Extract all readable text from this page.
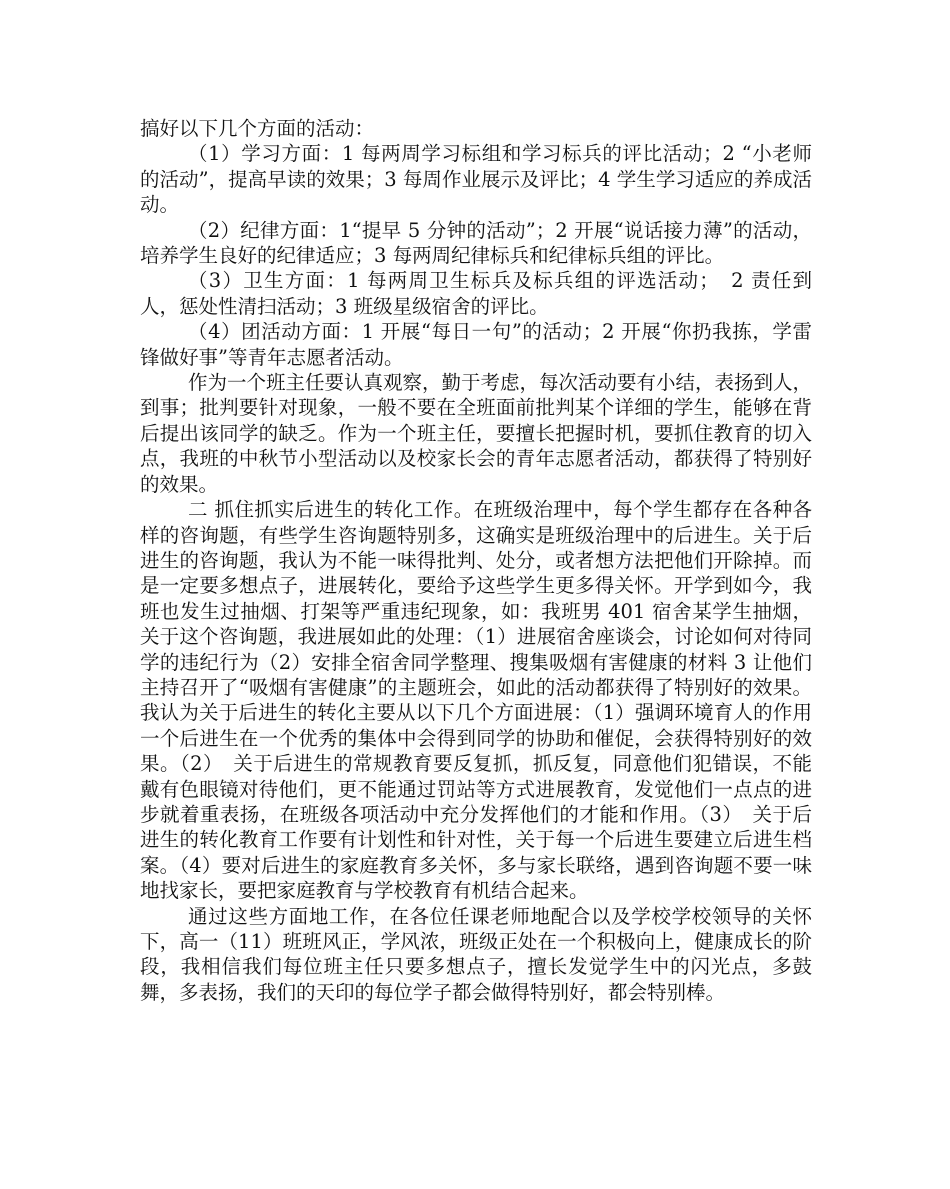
搞好以下几个方面的活动：

（1）学习方面：1 每两周学习标组和学习标兵的评比活动；2 “小老师的活动”，提高早读的效果；3 每周作业展示及评比；4 学生学习适应的养成活动。

（2）纪律方面：1“提早 5 分钟的活动”；2 开展“说话接力薄”的活动，培养学生良好的纪律适应；3 每两周纪律标兵和纪律标兵组的评比。

（3）卫生方面：1 每两周卫生标兵及标兵组的评选活动；　2 责任到人，惩处性清扫活动；3 班级星级宿舍的评比。

（4）团活动方面：1 开展“每日一句”的活动；2 开展“你扔我拣，学雷锋做好事”等青年志愿者活动。

作为一个班主任要认真观察，勤于考虑，每次活动要有小结，表扬到人，到事；批判要针对现象，一般不要在全班面前批判某个详细的学生，能够在背后提出该同学的缺乏。作为一个班主任，要擅长把握时机，要抓住教育的切入点，我班的中秋节小型活动以及校家长会的青年志愿者活动，都获得了特别好的效果。

二 抓住抓实后进生的转化工作。在班级治理中，每个学生都存在各种各样的咨询题，有些学生咨询题特别多，这确实是班级治理中的后进生。关于后进生的咨询题，我认为不能一味得批判、处分，或者想方法把他们开除掉。而是一定要多想点子，进展转化，要给予这些学生更多得关怀。开学到如今，我班也发生过抽烟、打架等严重违纪现象，如：我班男 401 宿舍某学生抽烟，关于这个咨询题，我进展如此的处理：（1）进展宿舍座谈会，讨论如何对待同学的违纪行为（2）安排全宿舍同学整理、搜集吸烟有害健康的材料 3 让他们主持召开了“吸烟有害健康”的主题班会，如此的活动都获得了特别好的效果。我认为关于后进生的转化主要从以下几个方面进展：（1）强调环境育人的作用一个后进生在一个优秀的集体中会得到同学的协助和催促，会获得特别好的效果。（2）　关于后进生的常规教育要反复抓，抓反复，同意他们犯错误，不能戴有色眼镜对待他们，更不能通过罚站等方式进展教育，发觉他们一点点的进步就着重表扬，在班级各项活动中充分发挥他们的才能和作用。（3）　关于后进生的转化教育工作要有计划性和针对性，关于每一个后进生要建立后进生档案。（4）要对后进生的家庭教育多关怀，多与家长联络，遇到咨询题不要一味地找家长，要把家庭教育与学校教育有机结合起来。

通过这些方面地工作，在各位任课老师地配合以及学校学校领导的关怀下，高一（11）班班风正，学风浓，班级正处在一个积极向上，健康成长的阶段，我相信我们每位班主任只要多想点子，擅长发觉学生中的闪光点，多鼓舞，多表扬，我们的天印的每位学子都会做得特别好，都会特别棒。
